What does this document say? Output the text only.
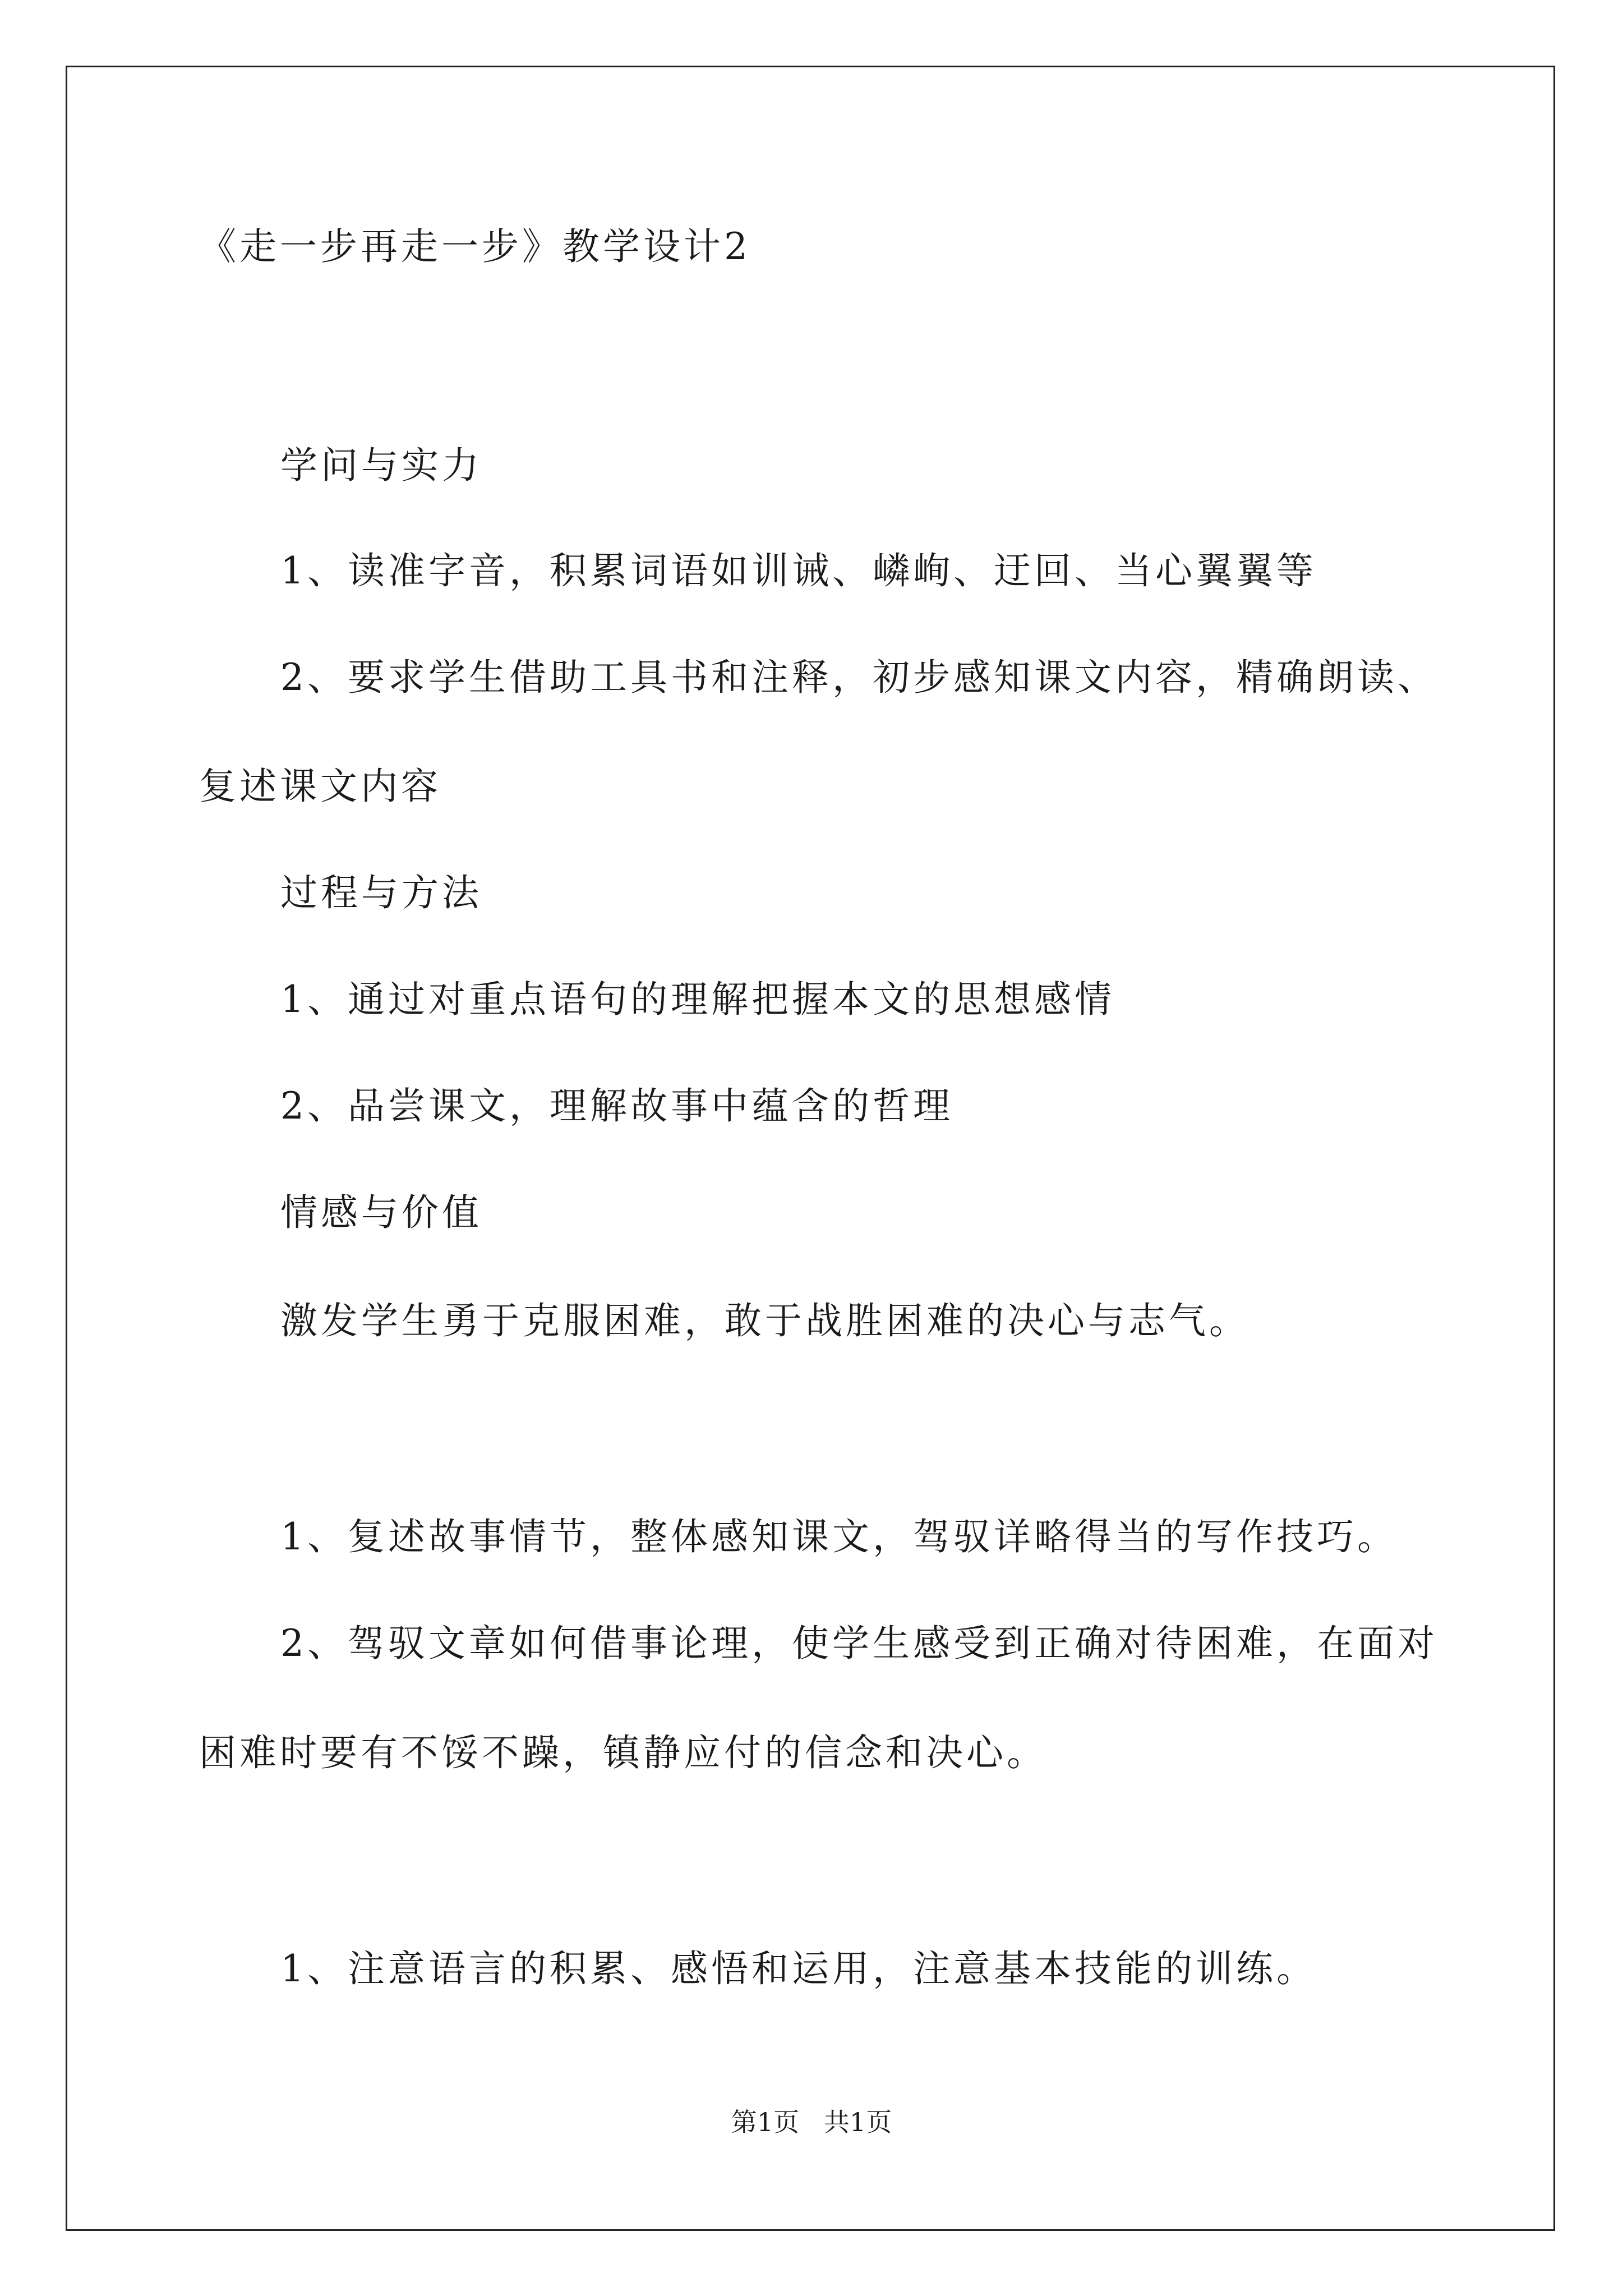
《走一步再走一步》教学设计2
学问与实力
1、读准字音，积累词语如训诫、嶙峋、迂回、当心翼翼等
2、要求学生借助工具书和注释，初步感知课文内容，精确朗读、
复述课文内容
过程与方法
1、通过对重点语句的理解把握本文的思想感情
2、品尝课文，理解故事中蕴含的哲理
情感与价值
激发学生勇于克服困难，敢于战胜困难的决心与志气。
1、复述故事情节，整体感知课文，驾驭详略得当的写作技巧。
2、驾驭文章如何借事论理，使学生感受到正确对待困难，在面对
困难时要有不馁不躁，镇静应付的信念和决心。
1、注意语言的积累、感悟和运用，注意基本技能的训练。
第1页   共1页
